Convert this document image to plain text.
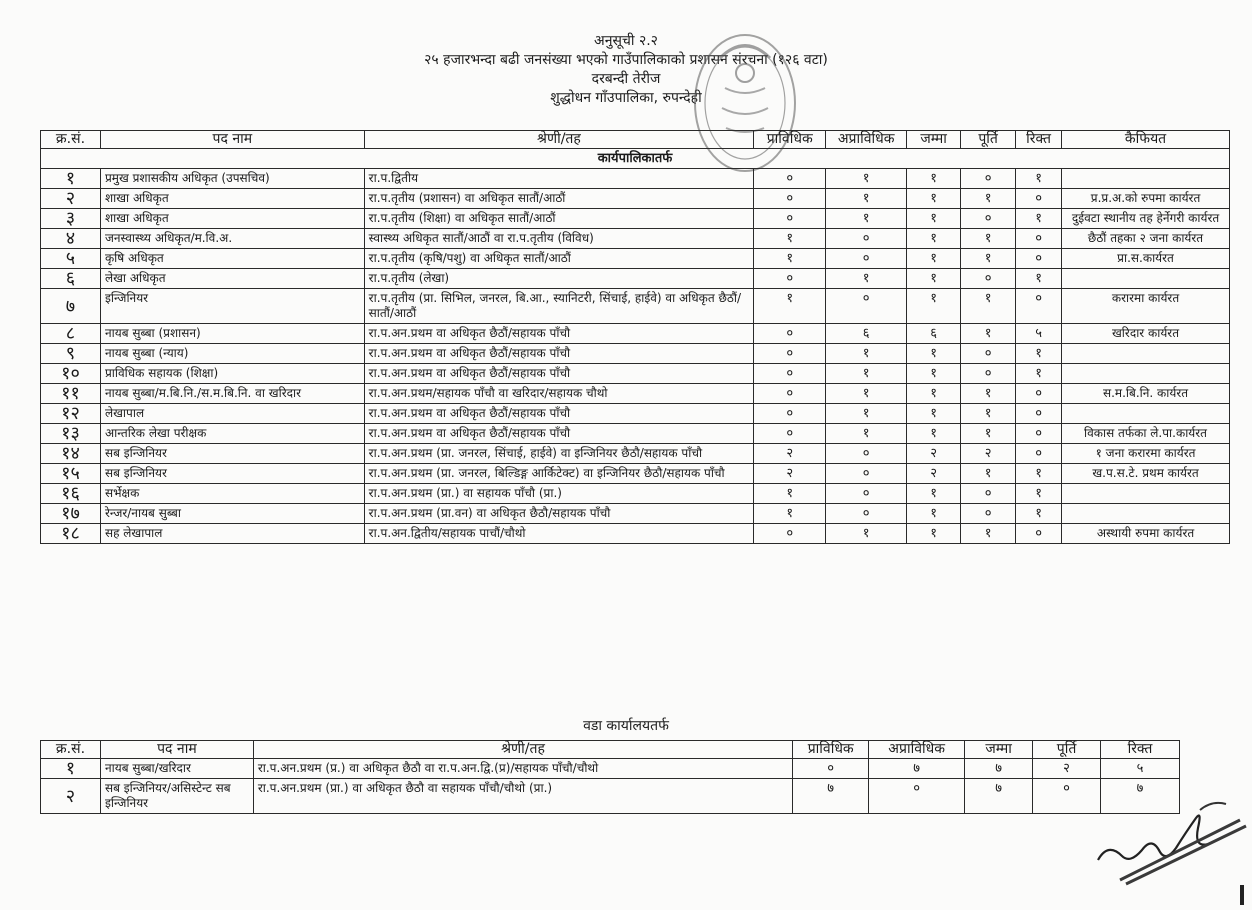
अनुसूची २.२
२५ हजारभन्दा बढी जनसंख्या भएको गाउँपालिकाको प्रशासन संरचना (१२६ वटा)
दरबन्दी तेरीज
शुद्धोधन गाँउपालिका, रुपन्देही
क्र.सं.	पद नाम	श्रेणी/तह	प्राविधिक	अप्राविधिक	जम्मा	पूर्ति	रिक्त	कैफियत
कार्यपालिकातर्फ								
१	प्रमुख प्रशासकीय अधिकृत (उपसचिव)	रा.प.द्वितीय	०	१	१	०	१	
२	शाखा अधिकृत	रा.प.तृतीय (प्रशासन) वा अधिकृत सातौं/आठौं	०	१	१	१	०	प्र.प्र.अ.को रुपमा कार्यरत
३	शाखा अधिकृत	रा.प.तृतीय (शिक्षा) वा अधिकृत सातौं/आठौं	०	१	१	०	१	दुईवटा स्थानीय तह हेर्नेगरी कार्यरत
४	जनस्वास्थ्य अधिकृत/म.वि.अ.	स्वास्थ्य अधिकृत सातौं/आठौं वा रा.प.तृतीय (विविध)	१	०	१	१	०	छैठौं तहका २ जना कार्यरत
५	कृषि अधिकृत	रा.प.तृतीय (कृषि/पशु) वा अधिकृत सातौं/आठौं	१	०	१	१	०	प्रा.स.कार्यरत
६	लेखा अधिकृत	रा.प.तृतीय (लेखा)	०	१	१	०	१	
७	इन्जिनियर	रा.प.तृतीय (प्रा. सिभिल, जनरल, बि.आ., स्यानिटरी, सिंचाई, हाईवे) वा अधिकृत छैठौं/सातौं/आठौं	१	०	१	१	०	करारमा कार्यरत
८	नायब सुब्बा (प्रशासन)	रा.प.अन.प्रथम वा अधिकृत छैठौं/सहायक पाँचौ	०	६	६	१	५	खरिदार कार्यरत
९	नायब सुब्बा (न्याय)	रा.प.अन.प्रथम वा अधिकृत छैठौं/सहायक पाँचौ	०	१	१	०	१	
१०	प्राविधिक सहायक (शिक्षा)	रा.प.अन.प्रथम वा अधिकृत छैठौं/सहायक पाँचौ	०	१	१	०	१	
११	नायब सुब्बा/म.बि.नि./स.म.बि.नि. वा खरिदार	रा.प.अन.प्रथम/सहायक पाँचौ वा खरिदार/सहायक चौथो	०	१	१	१	०	स.म.बि.नि. कार्यरत
१२	लेखापाल	रा.प.अन.प्रथम वा अधिकृत छैठौं/सहायक पाँचौ	०	१	१	१	०	
१३	आन्तरिक लेखा परीक्षक	रा.प.अन.प्रथम वा अधिकृत छैठौं/सहायक पाँचौ	०	१	१	१	०	विकास तर्फका ले.पा.कार्यरत
१४	सब इन्जिनियर	रा.प.अन.प्रथम (प्रा. जनरल, सिंचाई, हाईवे) वा इन्जिनियर छैठौ/सहायक पाँचौ	२	०	२	२	०	१ जना करारमा कार्यरत
१५	सब इन्जिनियर	रा.प.अन.प्रथम (प्रा. जनरल, बिल्डिङ्ग आर्किटेक्ट) वा इन्जिनियर छैठौ/सहायक पाँचौ	२	०	२	१	१	ख.प.स.टे. प्रथम कार्यरत
१६	सर्भेक्षक	रा.प.अन.प्रथम (प्रा.) वा सहायक पाँचौ (प्रा.)	१	०	१	०	१	
१७	रेन्जर/नायब सुब्बा	रा.प.अन.प्रथम (प्रा.वन) वा अधिकृत छैठौ/सहायक पाँचौ	१	०	१	०	१	
१८	सह लेखापाल	रा.प.अन.द्वितीय/सहायक पाचौं/चौथो	०	१	१	१	०	अस्थायी रुपमा कार्यरत
वडा कार्यालयतर्फ
क्र.सं.	पद नाम	श्रेणी/तह	प्राविधिक	अप्राविधिक	जम्मा	पूर्ति	रिक्त
१	नायब सुब्बा/खरिदार	रा.प.अन.प्रथम (प्र.) वा अधिकृत छैठौ वा रा.प.अन.द्वि.(प्र)/सहायक पाँचौ/चौथो	०	७	७	२	५
२	सब इन्जिनियर/असिस्टेन्ट सब इन्जिनियर	रा.प.अन.प्रथम (प्रा.) वा अधिकृत छैठौ वा सहायक पाँचौ/चौथो (प्रा.)	७	०	७	०	७
